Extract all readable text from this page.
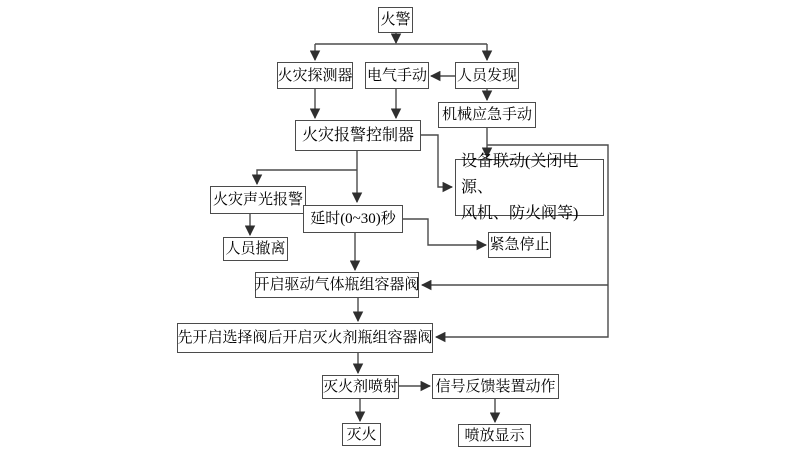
火警
火灾探测器 电气手动 人员发现
机械应急手动
火灾报警控制器
设备联动(关闭电源、
风机、防火阀等)
火灾声光报警
延时(0~30)秒
人员撤离	紧急停止
开启驱动气体瓶组容器阀
先开启选择阀后开启灭火剂瓶组容器阀
灭火剂喷射 信号反馈装置动作
灭火	喷放显示
